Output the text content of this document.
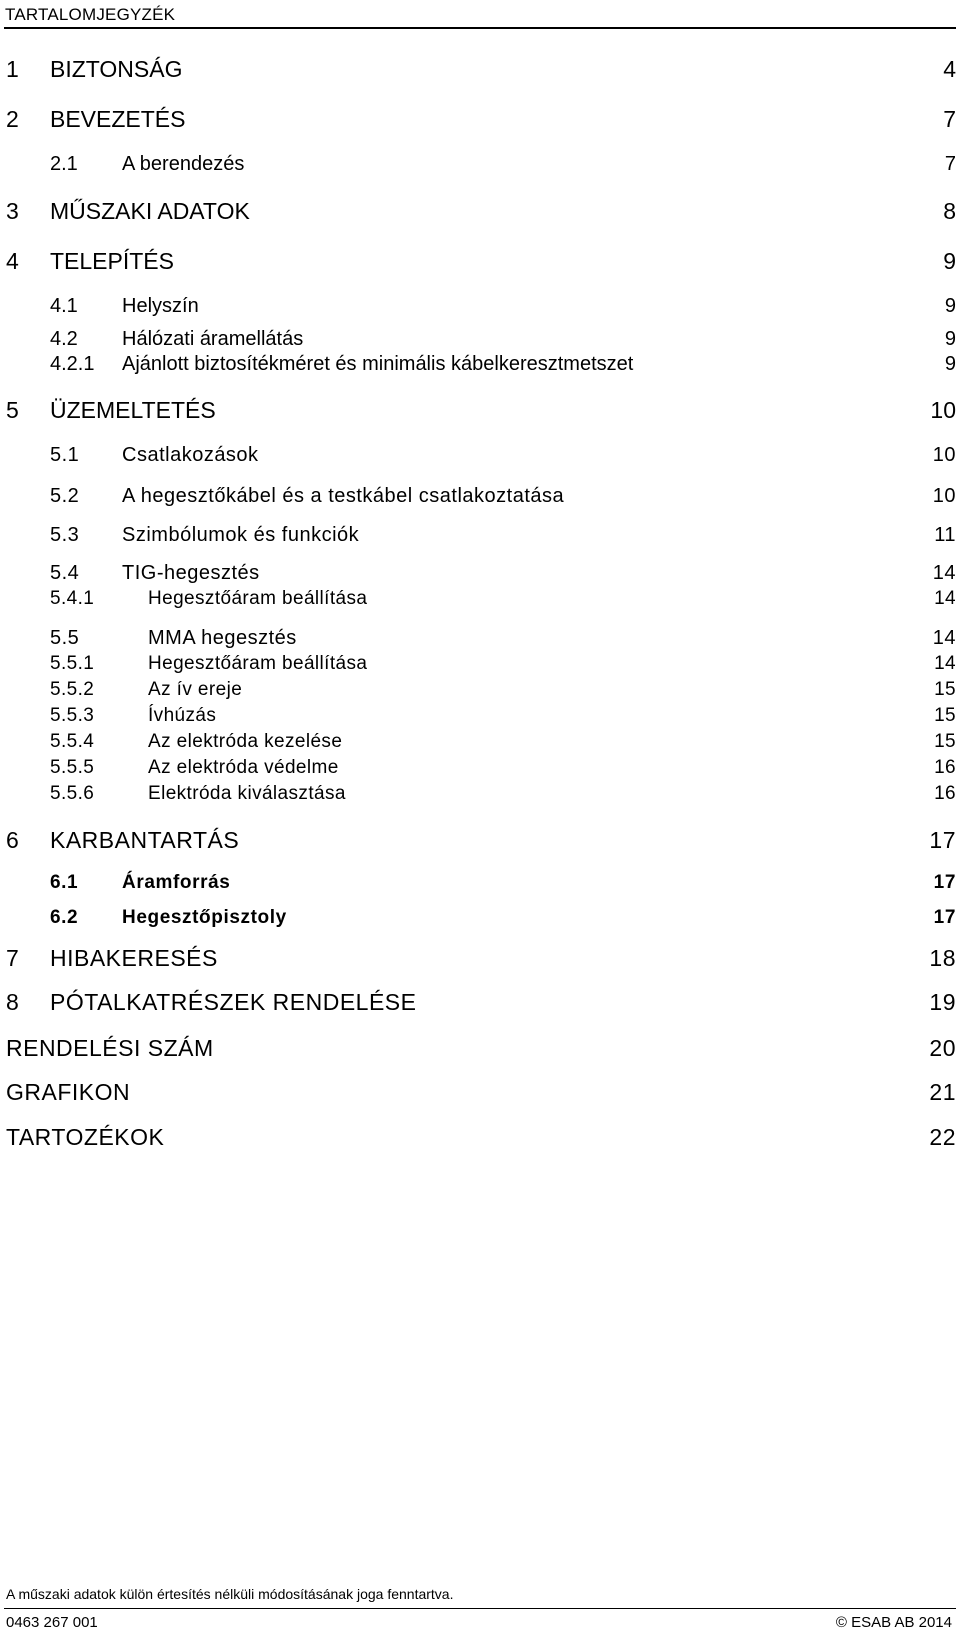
TARTALOMJEGYZÉK
1	BIZTONSÁG	4
2	BEVEZETÉS	7
2.1	A berendezés	7
3	MŰSZAKI ADATOK	8
4	TELEPÍTÉS	9
4.1	Helyszín	9
4.2	Hálózati áramellátás	9
4.2.1	Ajánlott biztosítékméret és minimális kábelkeresztmetszet	9
5	ÜZEMELTETÉS	10
5.1	Csatlakozások	10
5.2	A hegesztőkábel és a testkábel csatlakoztatása	10
5.3	Szimbólumok és funkciók	11
5.4	TIG-hegesztés	14
5.4.1	Hegesztőáram beállítása	14
5.5	MMA hegesztés	14
5.5.1	Hegesztőáram beállítása	14
5.5.2	Az ív ereje	15
5.5.3	Ívhúzás	15
5.5.4	Az elektróda kezelése	15
5.5.5	Az elektróda védelme	16
5.5.6	Elektróda kiválasztása	16
6	KARBANTARTÁS	17
6.1	Áramforrás	17
6.2	Hegesztőpisztoly	17
7	HIBAKERESÉS	18
8	PÓTALKATRÉSZEK RENDELÉSE	19
RENDELÉSI SZÁM	20
GRAFIKON	21
TARTOZÉKOK	22
A műszaki adatok külön értesítés nélküli módosításának joga fenntartva.
0463 267 001	© ESAB AB 2014
